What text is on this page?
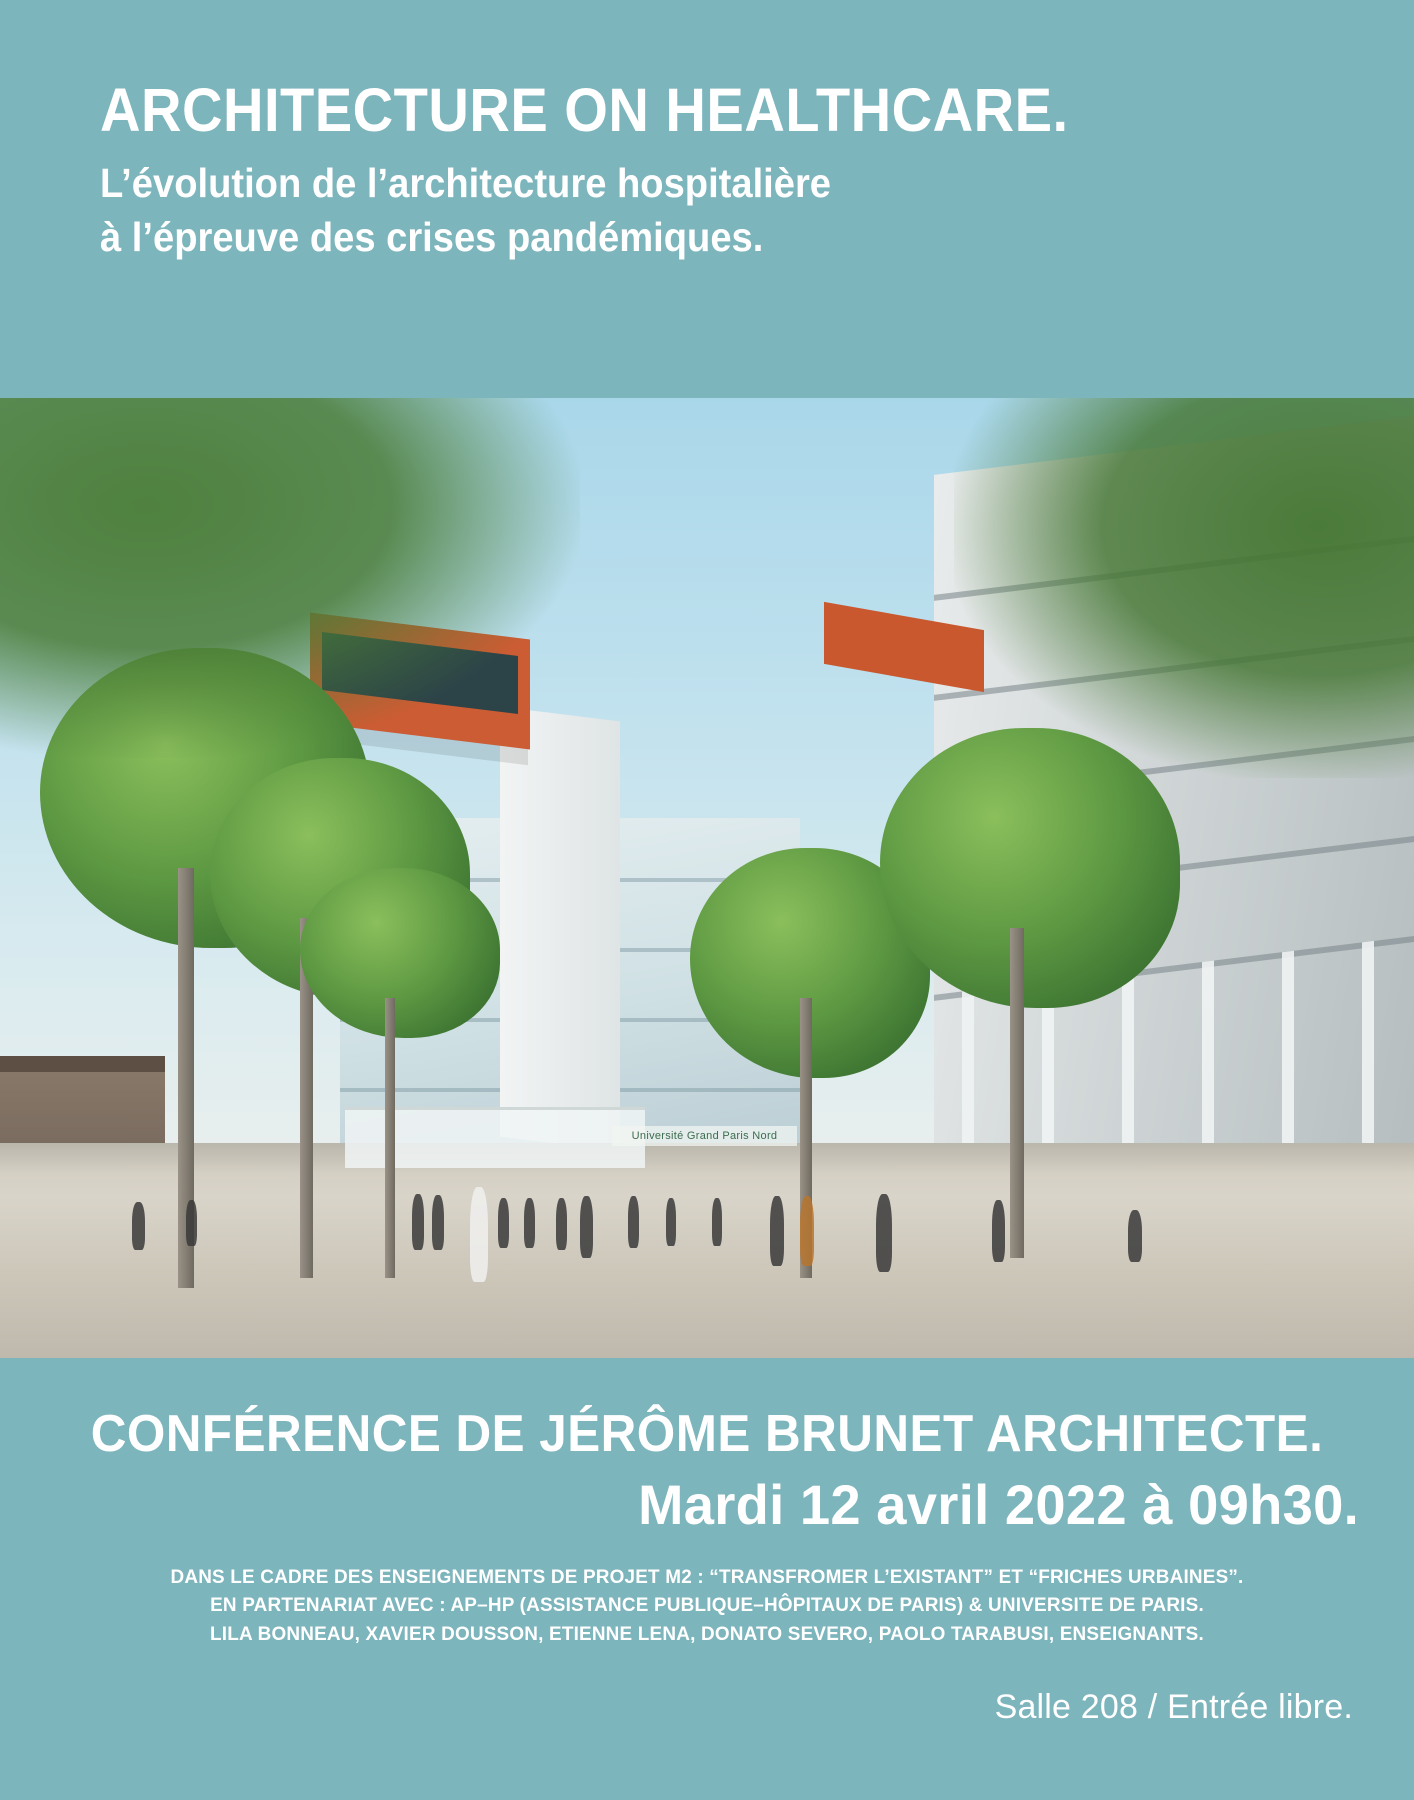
ARCHITECTURE ON HEALTHCARE.

L’évolution de l’architecture hospitalière

à l’épreuve des crises pandémiques.

Université Grand Paris Nord
CONFÉRENCE DE JÉRÔME BRUNET ARCHITECTE.
Mardi 12 avril 2022 à 09h30.
DANS LE CADRE DES ENSEIGNEMENTS DE PROJET M2 : “TRANSFROMER L’EXISTANT” ET “FRICHES URBAINES”.
EN PARTENARIAT AVEC : AP–HP (ASSISTANCE PUBLIQUE–HÔPITAUX DE PARIS) & UNIVERSITE DE PARIS.
LILA BONNEAU, XAVIER DOUSSON, ETIENNE LENA, DONATO SEVERO, PAOLO TARABUSI, ENSEIGNANTS.
Salle 208 / Entrée libre.
